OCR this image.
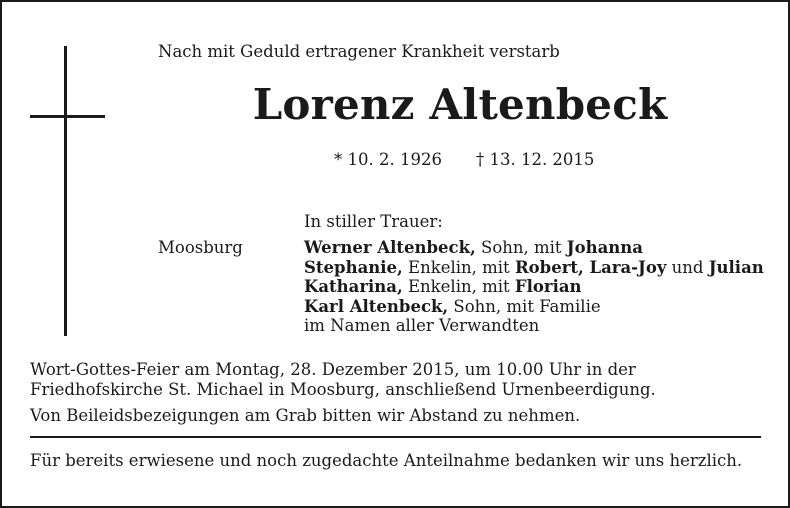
Nach mit Geduld ertragener Krankheit verstarb
Lorenz Altenbeck
* 10. 2. 1926 † 13. 12. 2015
In stiller Trauer:
Moosburg	Werner Altenbeck, Sohn, mit Johanna
Stephanie, Enkelin, mit Robert, Lara-Joy und Julian
Katharina, Enkelin, mit Florian
Karl Altenbeck, Sohn, mit Familie
im Namen aller Verwandten
Wort-Gottes-Feier am Montag, 28. Dezember 2015, um 10.00 Uhr in der Friedhofskirche St. Michael in Moosburg, anschließend Urnenbeerdigung.
Von Beileidsbezeigungen am Grab bitten wir Abstand zu nehmen.
Für bereits erwiesene und noch zugedachte Anteilnahme bedanken wir uns herzlich.
